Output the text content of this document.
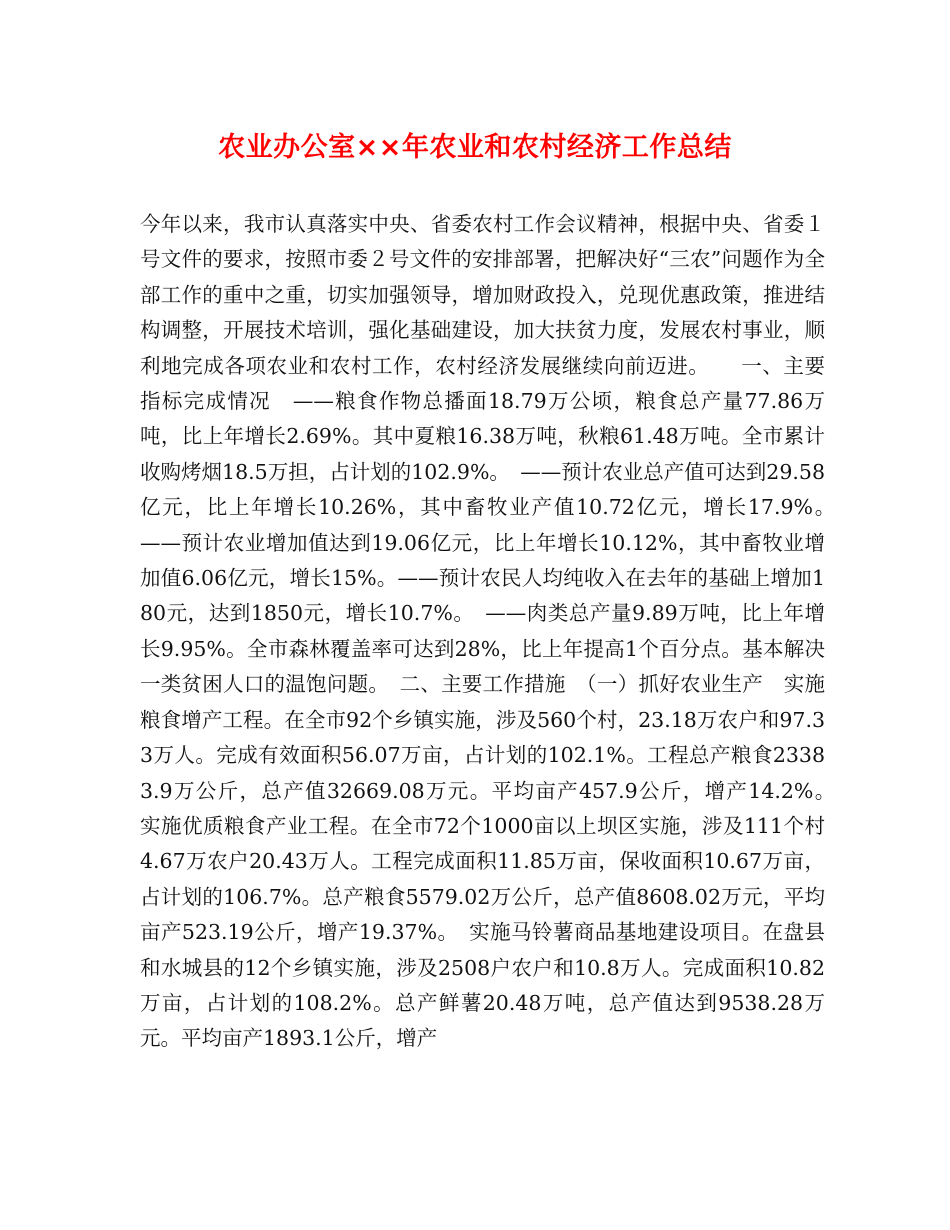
农业办公室××年农业和农村经济工作总结

今年以来，我市认真落实中央、省委农村工作会议精神，根据中央、省委１号文件的要求，按照市委２号文件的安排部署，把解决好“三农”问题作为全部工作的重中之重，切实加强领导，增加财政投入，兑现优惠政策，推进结构调整，开展技术培训，强化基础建设，加大扶贫力度，发展农村事业，顺利地完成各项农业和农村工作，农村经济发展继续向前迈进。　　一、主要指标完成情况　——粮食作物总播面18.79万公顷，粮食总产量77.86万吨，比上年增长2.69%。其中夏粮16.38万吨，秋粮61.48万吨。全市累计收购烤烟18.5万担，占计划的102.9%。　——预计农业总产值可达到29.58亿元，比上年增长10.26%，其中畜牧业产值10.72亿元，增长17.9%。　——预计农业增加值达到19.06亿元，比上年增长10.12%，其中畜牧业增加值6.06亿元，增长15%。——预计农民人均纯收入在去年的基础上增加180元，达到1850元，增长10.7%。　——肉类总产量9.89万吨，比上年增长9.95%。全市森林覆盖率可达到28%，比上年提高1个百分点。基本解决一类贫困人口的温饱问题。　二、主要工作措施　（一）抓好农业生产　实施粮食增产工程。在全市92个乡镇实施，涉及560个村，23.18万农户和97.33万人。完成有效面积56.07万亩，占计划的102.1%。工程总产粮食23383.9万公斤，总产值32669.08万元。平均亩产457.9公斤，增产14.2%。　实施优质粮食产业工程。在全市72个1000亩以上坝区实施，涉及111个村4.67万农户20.43万人。工程完成面积11.85万亩，保收面积10.67万亩，占计划的106.7%。总产粮食5579.02万公斤，总产值8608.02万元，平均亩产523.19公斤，增产19.37%。　实施马铃薯商品基地建设项目。在盘县和水城县的12个乡镇实施，涉及2508户农户和10.8万人。完成面积10.82万亩，占计划的108.2%。总产鲜薯20.48万吨，总产值达到9538.28万元。平均亩产1893.1公斤，增产
